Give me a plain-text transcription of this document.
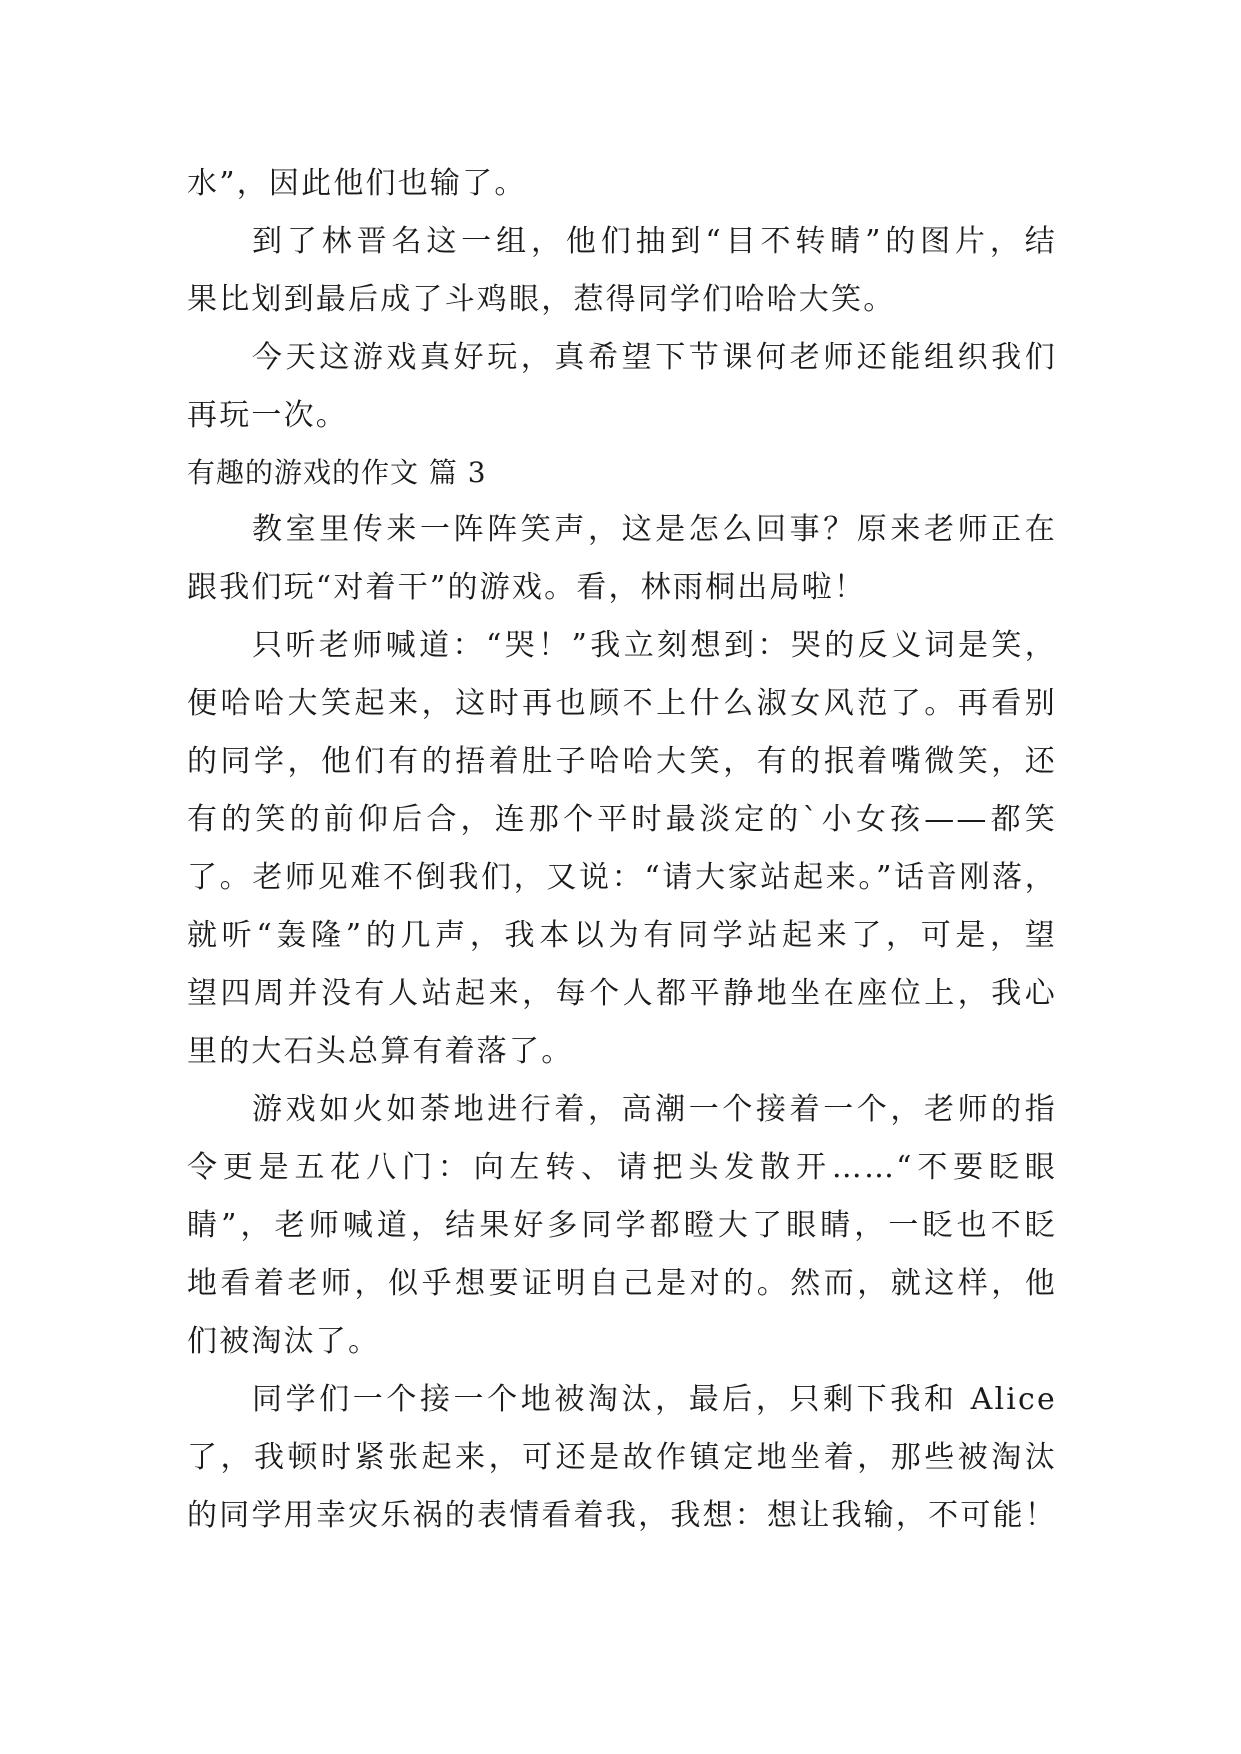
水”，因此他们也输了。
到了林晋名这一组，他们抽到“目不转睛”的图片，结
果比划到最后成了斗鸡眼，惹得同学们哈哈大笑。
今天这游戏真好玩，真希望下节课何老师还能组织我们
再玩一次。
有趣的游戏的作文 篇 3
教室里传来一阵阵笑声，这是怎么回事？原来老师正在
跟我们玩“对着干”的游戏。看，林雨桐出局啦！
只听老师喊道：“哭！”我立刻想到：哭的反义词是笑，
便哈哈大笑起来，这时再也顾不上什么淑女风范了。再看别
的同学，他们有的捂着肚子哈哈大笑，有的抿着嘴微笑，还
有的笑的前仰后合，连那个平时最淡定的`小女孩——都笑
了。老师见难不倒我们，又说：“请大家站起来。”话音刚落，
就听“轰隆”的几声，我本以为有同学站起来了，可是，望
望四周并没有人站起来，每个人都平静地坐在座位上，我心
里的大石头总算有着落了。
游戏如火如荼地进行着，高潮一个接着一个，老师的指
令更是五花八门：向左转、请把头发散开……“不要眨眼
睛”，老师喊道，结果好多同学都瞪大了眼睛，一眨也不眨
地看着老师，似乎想要证明自己是对的。然而，就这样，他
们被淘汰了。
同学们一个接一个地被淘汰，最后，只剩下我和 Alice
了，我顿时紧张起来，可还是故作镇定地坐着，那些被淘汰
的同学用幸灾乐祸的表情看着我，我想：想让我输，不可能！
